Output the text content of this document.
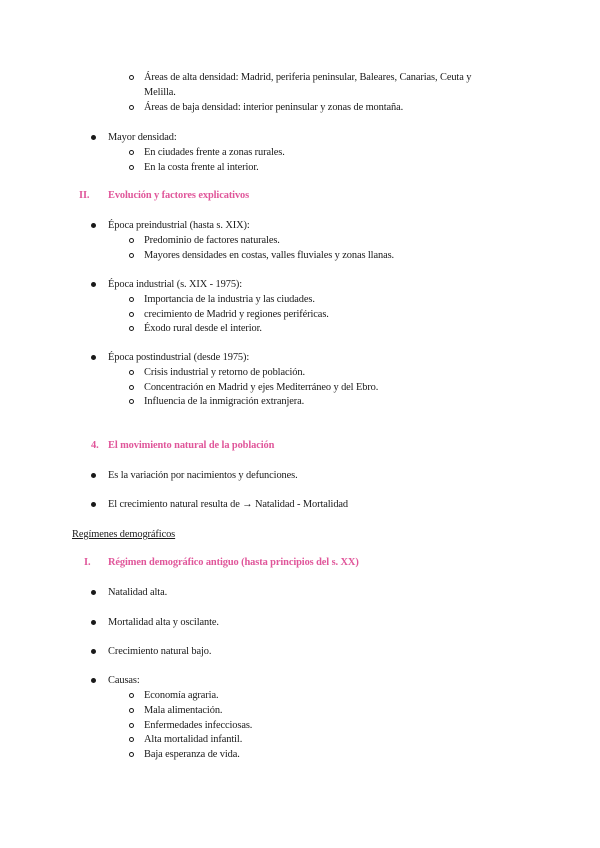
Áreas de alta densidad: Madrid, periferia peninsular, Baleares, Canarias, Ceuta y
Melilla.
Áreas de baja densidad: interior peninsular y zonas de montaña.
Mayor densidad:
En ciudades frente a zonas rurales.
En la costa frente al interior.
II. Evolución y factores explicativos
Época preindustrial (hasta s. XIX):
Predominio de factores naturales.
Mayores densidades en costas, valles fluviales y zonas llanas.
Época industrial (s. XIX - 1975):
Importancia de la industria y las ciudades.
crecimiento de Madrid y regiones periféricas.
Éxodo rural desde el interior.
Época postindustrial (desde 1975):
Crisis industrial y retorno de población.
Concentración en Madrid y ejes Mediterráneo y del Ebro.
Influencia de la inmigración extranjera.
4. El movimiento natural de la población
Es la variación por nacimientos y defunciones.
El crecimiento natural resulta de → Natalidad - Mortalidad
Regímenes demográficos
I. Régimen demográfico antiguo (hasta principios del s. XX)
Natalidad alta.
Mortalidad alta y oscilante.
Crecimiento natural bajo.
Causas:
Economía agraria.
Mala alimentación.
Enfermedades infecciosas.
Alta mortalidad infantil.
Baja esperanza de vida.
